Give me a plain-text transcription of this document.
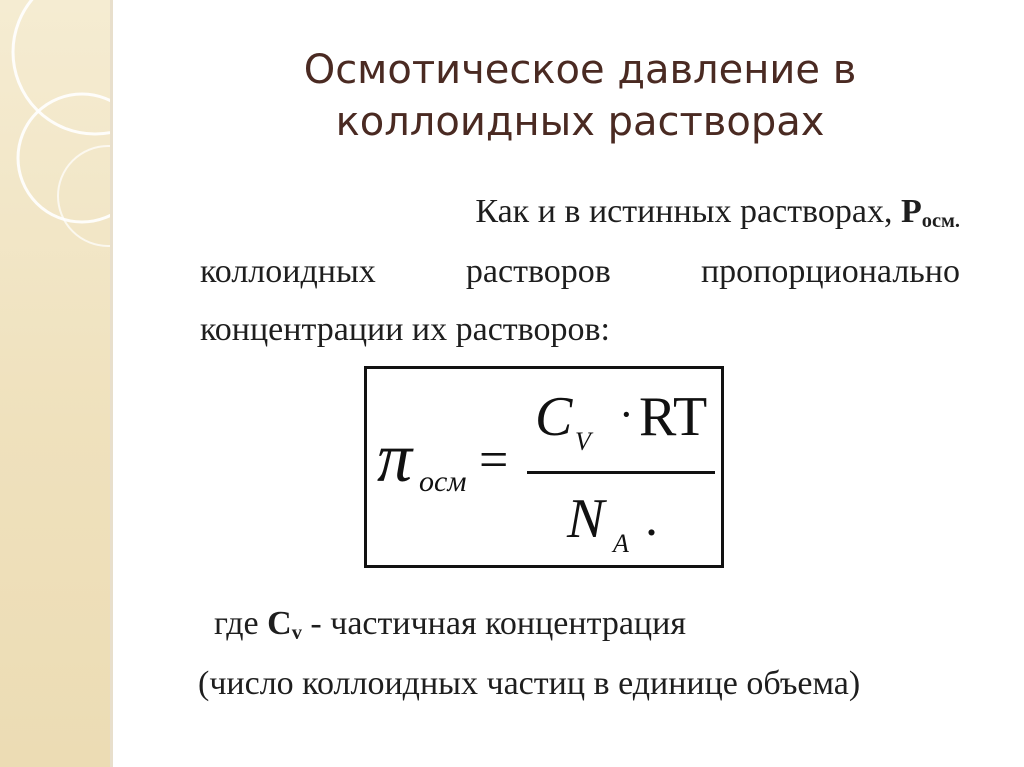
Осмотическое давление в
коллоидных растворах
Как и в истинных растворах, $P_{осм.}$
коллоидных	растворов	пропорционально
концентрации их растворов:
π осм =
C V
· RT
N A .
где $C_v$ - частичная концентрация
(число коллоидных частиц в единице объема)
